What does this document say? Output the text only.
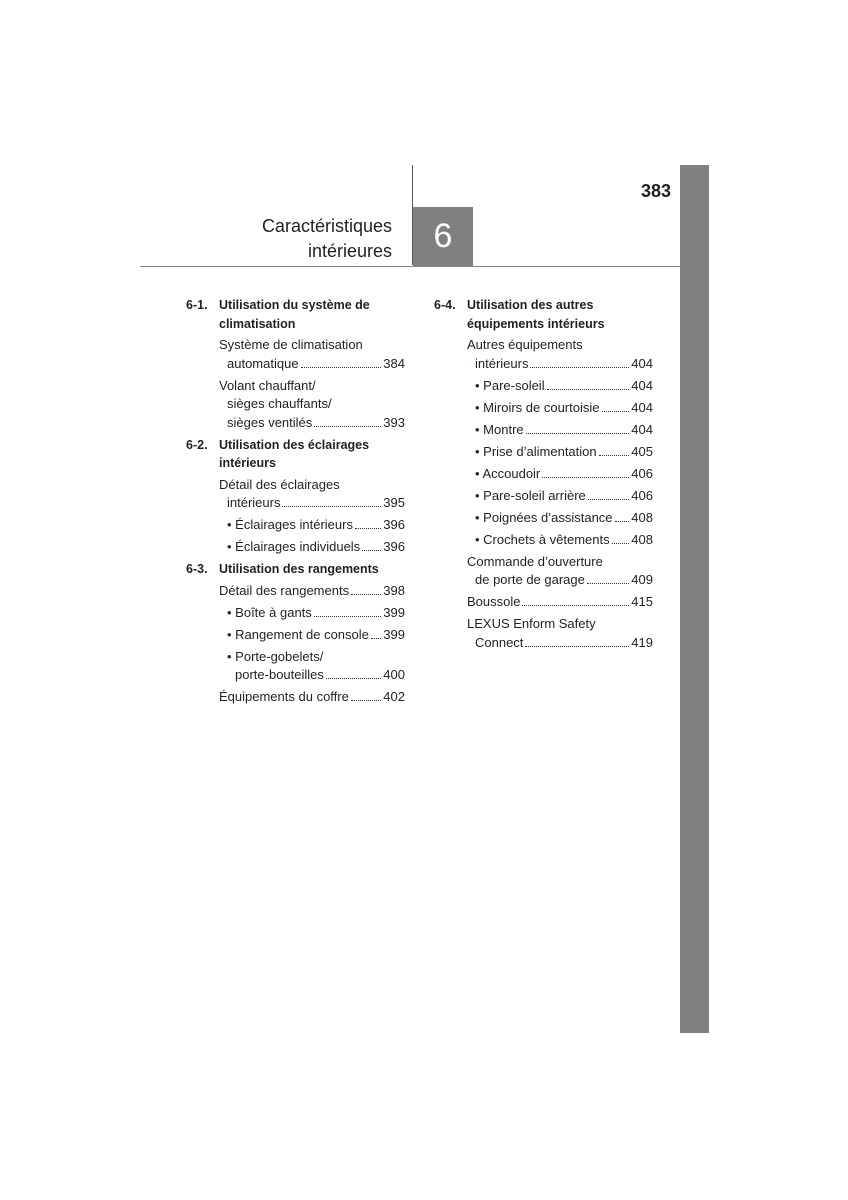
6
383
Caractéristiques
intérieures
6-1. Utilisation du système de
climatisation
Système de climatisation
automatique	384
Volant chauffant/
sièges chauffants/
sièges ventilés	393
6-2. Utilisation des éclairages
intérieurs
Détail des éclairages
intérieurs	395
• Éclairages intérieurs 396
• Éclairages individuels 396
6-3. Utilisation des rangements
Détail des rangements	398
• Boîte à gants	399
• Rangement de console 399
• Porte-gobelets/
porte-bouteilles	400
Équipements du coffre	402
6-4. Utilisation des autres
équipements intérieurs
Autres équipements
intérieurs	404
• Pare-soleil	404
• Miroirs de courtoisie 404
• Montre	404
• Prise d’alimentation	405
• Accoudoir	406
• Pare-soleil arrière	406
• Poignées d’assistance 408
• Crochets à vêtements 408
Commande d’ouverture
de porte de garage	409
Boussole	415
LEXUS Enform Safety
Connect	419
